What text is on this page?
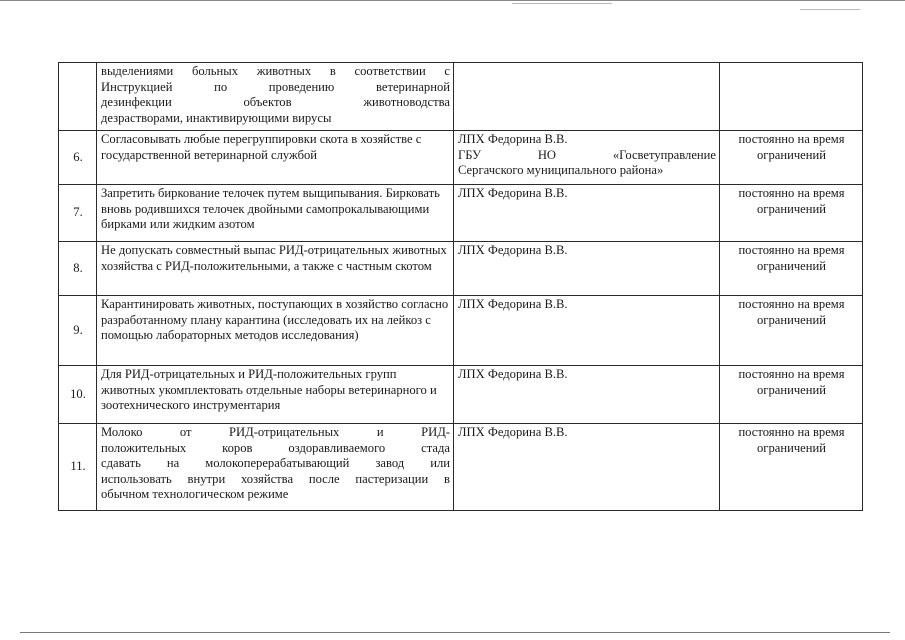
	выделениями больных животных в соответствии с
Инструкцией по проведению ветеринарной
дезинфекции объектов животноводства
дезрастворами, инактивирующими вирусы		

6.	Согласовывать любые перегруппировки скота в хозяйстве с государственной ветеринарной службой	ЛПХ Федорина В.В.
ГБУ НО «Госветуправление
Сергачского муниципального района»	постоянно на время ограничений
7.	Запретить биркование телочек путем выщипывания. Бирковать вновь родившихся телочек двойными самопрокалывающими бирками или жидким азотом	ЛПХ Федорина В.В.	постоянно на время ограничений
8.	Не допускать совместный выпас РИД-отрицательных животных хозяйства с РИД-положительными, а также с частным скотом	ЛПХ Федорина В.В.	постоянно на время ограничений
9.	Карантинировать животных, поступающих в хозяйство согласно разработанному плану карантина (исследовать их на лейкоз с помощью лабораторных методов исследования)	ЛПХ Федорина В.В.	постоянно на время ограничений
10.	Для РИД-отрицательных и РИД-положительных групп животных укомплектовать отдельные наборы ветеринарного и зоотехнического инструментария	ЛПХ Федорина В.В.	постоянно на время ограничений
11.	Молоко от РИД-отрицательных и РИД-
положительных коров оздоравливаемого стада
сдавать на молокоперерабатывающий завод или
использовать внутри хозяйства после пастеризации в
обычном технологическом режиме	ЛПХ Федорина В.В.	постоянно на время ограничений
